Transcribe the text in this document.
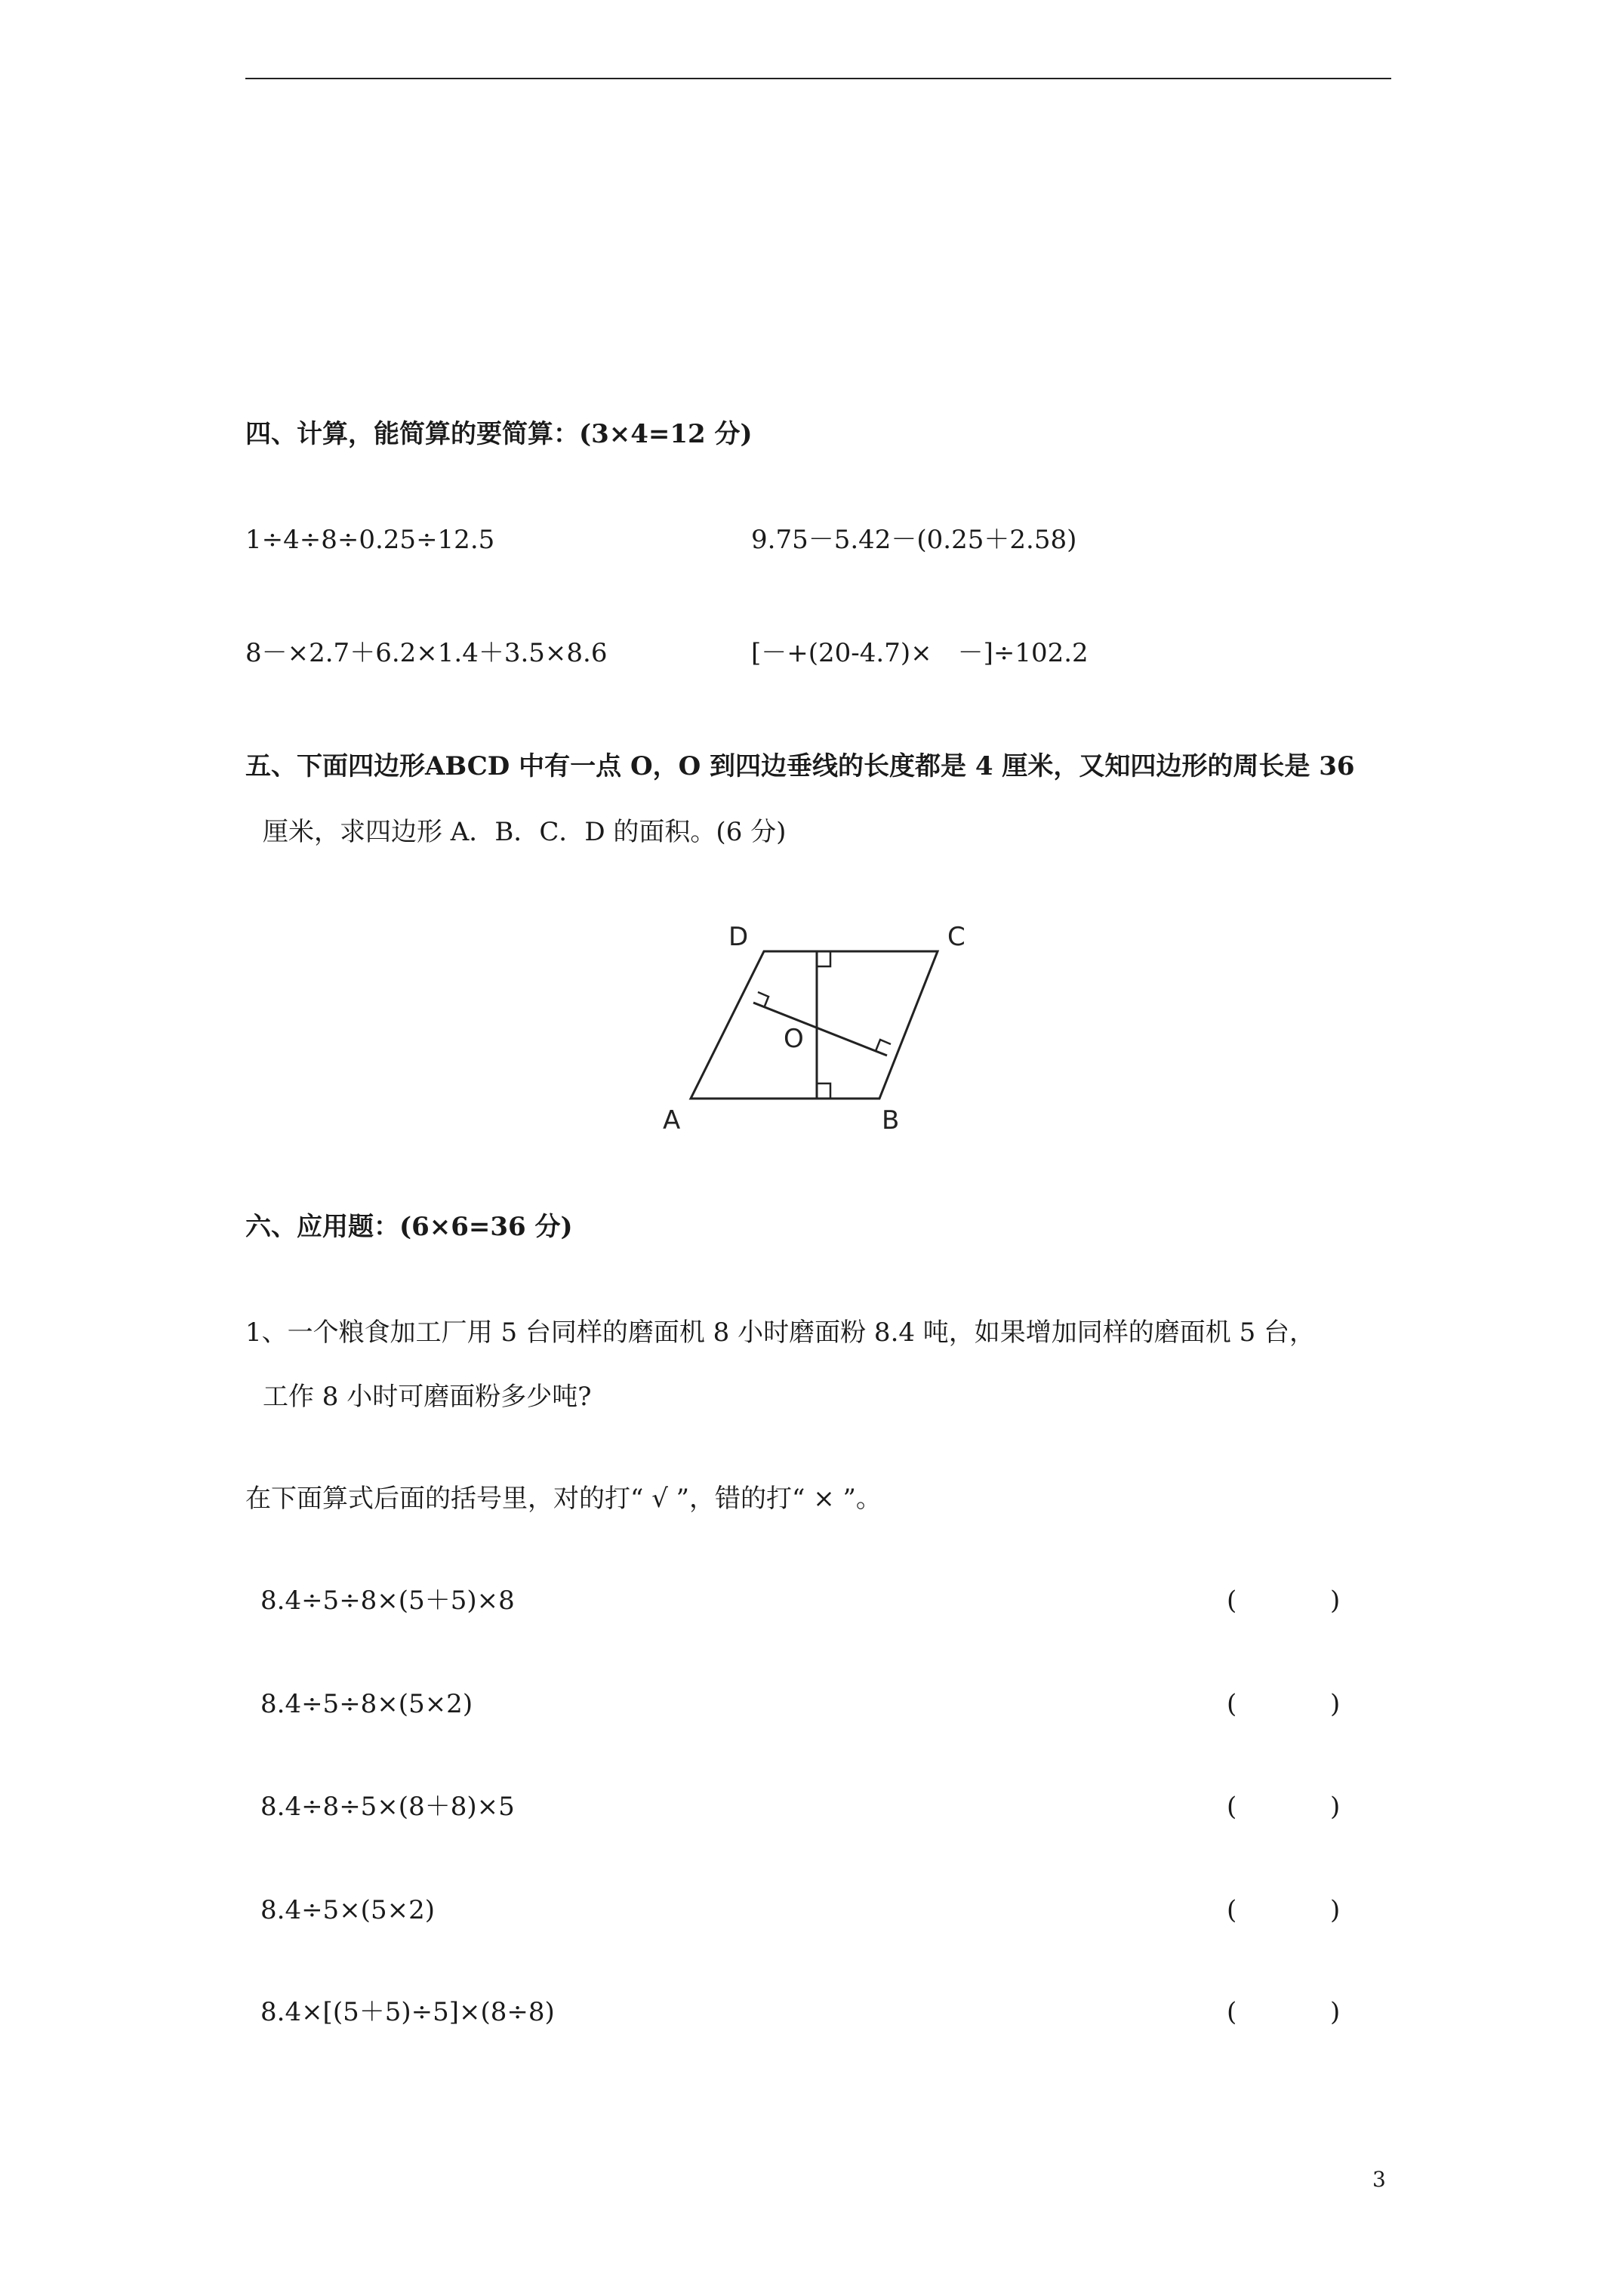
四、计算，能简算的要简算：(3×4=12 分)
1÷4÷8÷0.25÷12.5	9.75－5.42－(0.25＋2.58)
8－×2.7＋6.2×1.4＋3.5×8.6	[－+(20-4.7)×　－]÷102.2
五、下面四边形ABCD 中有一点 O，O 到四边垂线的长度都是 4 厘米，又知四边形的周长是 36
厘米，求四边形 A．B．C．D 的面积。(6 分)
D	C
A	B
O
六、应用题：(6×6=36 分)
1、一个粮食加工厂用 5 台同样的磨面机 8 小时磨面粉 8.4 吨，如果增加同样的磨面机 5 台，
工作 8 小时可磨面粉多少吨?
在下面算式后面的括号里，对的打“ √ ”，错的打“ × ”。
8.4÷5÷8×(5＋5)×8	(	)
8.4÷5÷8×(5×2)	(	)
8.4÷8÷5×(8＋8)×5	(	)
8.4÷5×(5×2)	(	)
8.4×[(5＋5)÷5]×(8÷8)	(	)
3
